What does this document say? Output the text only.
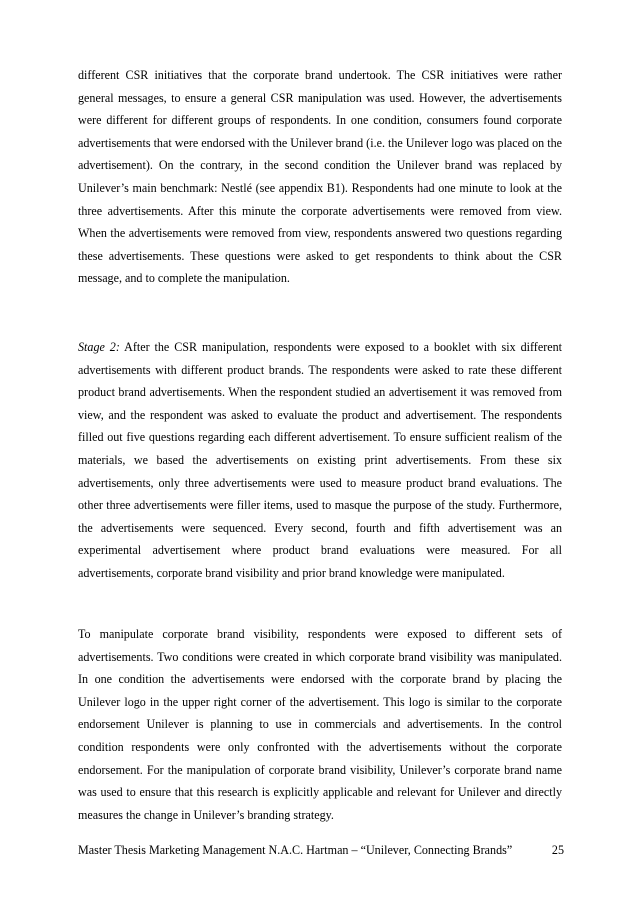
different CSR initiatives that the corporate brand undertook. The CSR initiatives were rather general messages, to ensure a general CSR manipulation was used. However, the advertisements were different for different groups of respondents. In one condition, consumers found corporate advertisements that were endorsed with the Unilever brand (i.e. the Unilever logo was placed on the advertisement). On the contrary, in the second condition the Unilever brand was replaced by Unilever’s main benchmark: Nestlé (see appendix B1). Respondents had one minute to look at the three advertisements. After this minute the corporate advertisements were removed from view. When the advertisements were removed from view, respondents answered two questions regarding these advertisements. These questions were asked to get respondents to think about the CSR message, and to complete the manipulation.

Stage 2: After the CSR manipulation, respondents were exposed to a booklet with six different advertisements with different product brands. The respondents were asked to rate these different product brand advertisements. When the respondent studied an advertisement it was removed from view, and the respondent was asked to evaluate the product and advertisement. The respondents filled out five questions regarding each different advertisement. To ensure sufficient realism of the materials, we based the advertisements on existing print advertisements. From these six advertisements, only three advertisements were used to measure product brand evaluations. The other three advertisements were filler items, used to masque the purpose of the study. Furthermore, the advertisements were sequenced. Every second, fourth and fifth advertisement was an experimental advertisement where product brand evaluations were measured. For all advertisements, corporate brand visibility and prior brand knowledge were manipulated.

To manipulate corporate brand visibility, respondents were exposed to different sets of advertisements. Two conditions were created in which corporate brand visibility was manipulated. In one condition the advertisements were endorsed with the corporate brand by placing the Unilever logo in the upper right corner of the advertisement. This logo is similar to the corporate endorsement Unilever is planning to use in commercials and advertisements. In the control condition respondents were only confronted with the advertisements without the corporate endorsement. For the manipulation of corporate brand visibility, Unilever’s corporate brand name was used to ensure that this research is explicitly applicable and relevant for Unilever and directly measures the change in Unilever’s branding strategy.

Master Thesis Marketing Management N.A.C. Hartman – “Unilever, Connecting Brands”	25
